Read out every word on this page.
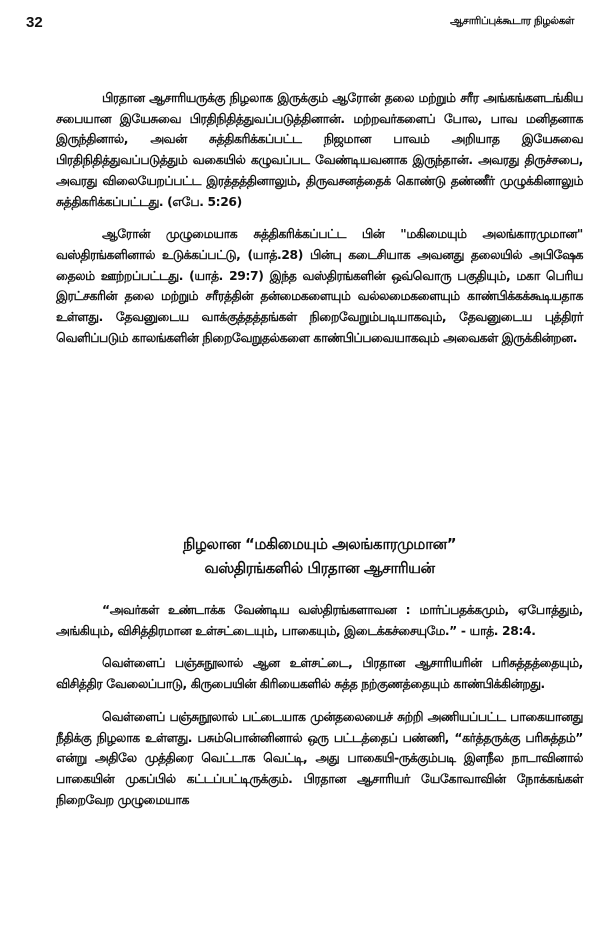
32	ஆசாரிப்புக்கூடார நிழல்கள்

பிரதான ஆசாரியருக்கு நிழலாக இருக்கும் ஆரோன் தலை மற்றும் சரீர அங்கங்களடங்கிய சபையான இயேசுவை பிரதிநிதித்துவப்படுத்தினான். மற்றவர்களைப் போல, பாவ மனிதனாக இருந்தினால், அவன் சுத்திகரிக்கப்பட்ட நிஜமான பாவம் அறியாத இயேசுவை பிரதிநிதித்துவப்படுத்தும் வகையில் கழுவப்பட வேண்டியவனாக இருந்தான். அவரது திருச்சபை, அவரது விலையேறப்பட்ட இரத்தத்தினாலும், திருவசனத்தைக் கொண்டு தண்ணீர் முழுக்கினாலும் சுத்திகரிக்கப்பட்டது. (எபே. 5:26)

ஆரோன் முழுமையாக சுத்திகரிக்கப்பட்ட பின் "மகிமையும் அலங்காரமுமான" வஸ்திரங்களினால் உடுக்கப்பட்டு, (யாத்.28) பின்பு கடைசியாக அவனது தலையில் அபிஷேக தைலம் ஊற்றப்பட்டது. (யாத். 29:7) இந்த வஸ்திரங்களின் ஒவ்வொரு பகுதியும், மகா பெரிய இரட்சகரின் தலை மற்றும் சரீரத்தின் தன்மைகளையும் வல்லமைகளையும் காண்பிக்கக்கூடியதாக உள்ளது. தேவனுடைய வாக்குத்தத்தங்கள் நிறைவேறும்படியாகவும், தேவனுடைய புத்திரர் வெளிப்படும் காலங்களின் நிறைவேறுதல்களை காண்பிப்பவையாகவும் அவைகள் இருக்கின்றன.

நிழலான “மகிமையும் அலங்காரமுமான”
வஸ்திரங்களில் பிரதான ஆசாரியன்

“அவர்கள் உண்டாக்க வேண்டிய வஸ்திரங்களாவன : மார்ப்பதக்கமும், ஏபோத்தும், அங்கியும், விசித்திரமான உள்சட்டையும், பாகையும், இடைக்கச்சையுமே.” - யாத். 28:4.

வெள்ளைப் பஞ்சுநூலால் ஆன உள்சட்டை, பிரதான ஆசாரியரின் பரிசுத்தத்தையும், விசித்திர வேலைப்பாடு, கிருபையின் கிரியைகளில் சுத்த நற்குணத்தையும் காண்பிக்கின்றது.

வெள்ளைப் பஞ்சுநூலால் பட்டையாக முன்தலையைச் சுற்றி அணியப்பட்ட பாகையானது நீதிக்கு நிழலாக உள்ளது. பசும்பொன்னினால் ஒரு பட்டத்தைப் பண்ணி, “கர்த்தருக்கு பரிசுத்தம்” என்று அதிலே முத்திரை வெட்டாக வெட்டி, அது பாகையி-ருக்கும்படி இளநீல நாடாவினால் பாகையின் முகப்பில் கட்டப்பட்டிருக்கும். பிரதான ஆசாரியர் யேகோவாவின் நோக்கங்கள் நிறைவேற முழுமையாக
